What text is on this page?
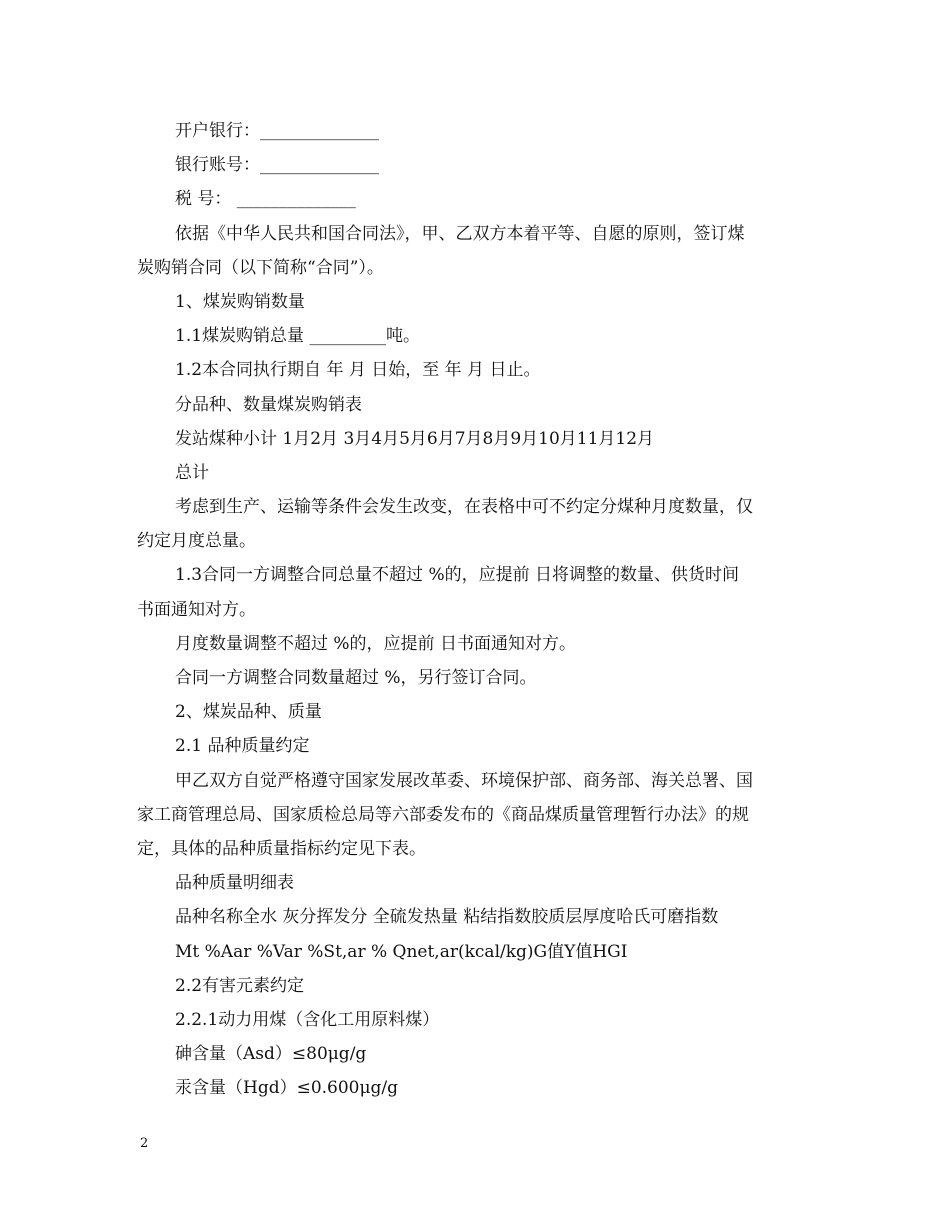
开户银行：______________
银行账号：______________
税 号： ______________
依据《中华人民共和国合同法》，甲、乙双方本着平等、自愿的原则，签订煤
炭购销合同（以下简称“合同”）。
1、煤炭购销数量
1.1煤炭购销总量 _________吨。
1.2本合同执行期自 年 月 日始，至 年 月 日止。
分品种、数量煤炭购销表
发站煤种小计 1月2月 3月4月5月6月7月8月9月10月11月12月
总计
考虑到生产、运输等条件会发生改变，在表格中可不约定分煤种月度数量，仅
约定月度总量。
1.3合同一方调整合同总量不超过 %的，应提前 日将调整的数量、供货时间
书面通知对方。
月度数量调整不超过 %的，应提前 日书面通知对方。
合同一方调整合同数量超过 %，另行签订合同。
2、煤炭品种、质量
2.1 品种质量约定
甲乙双方自觉严格遵守国家发展改革委、环境保护部、商务部、海关总署、国
家工商管理总局、国家质检总局等六部委发布的《商品煤质量管理暂行办法》的规
定，具体的品种质量指标约定见下表。
品种质量明细表
品种名称全水 灰分挥发分 全硫发热量 粘结指数胶质层厚度哈氏可磨指数
Mt %Aar %Var %St,ar % Qnet,ar(kcal/kg)G值Y值HGI
2.2有害元素约定
2.2.1动力用煤（含化工用原料煤）
砷含量（Asd）≤80μg/g
汞含量（Hgd）≤0.600μg/g
2
